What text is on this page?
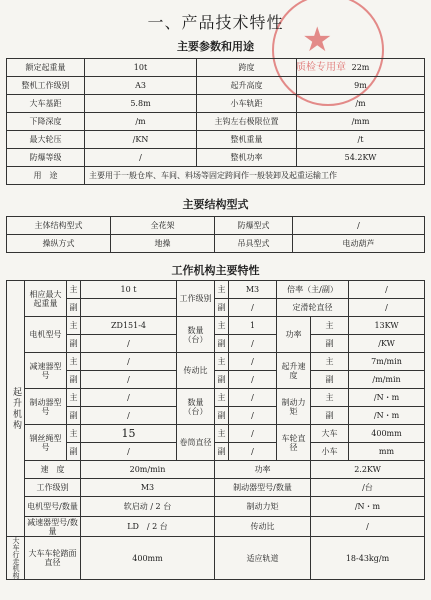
★
质检专用章
一、产品技术特性
主要参数和用途
额定起重量	10t	跨度	22m
整机工作级别	A3	起升高度	9m
大车基距	5.8m	小车轨距	/m
下降深度	/m	主钩左右极限位置	/mm
最大轮压	/KN	整机重量	/t
防爆等级	/	整机功率	54.2KW
用　途	主要用于一般仓库、车间、料场等固定跨间作一般装卸及起重运输工作		
主要结构型式
主体结构型式	全花架	防爆型式	/
操纵方式	地操	吊具型式	电动葫芦
工作机构主要特性
起升机构	相应最大起重量	主	10 t	工作级别	主	M3	倍率（主/副）		/
		副			副	/	定滑轮直径		/
	电机型号	主	ZD151-4	数量（台）	主	1	功率	主	13KW
		副	/		副	/		副	/KW
	减速器型号	主	/	传动比	主	/	起升速度	主	7m/min
		副	/		副	/		副	/m/min
	制动器型号	主	/	数量（台）	主	/	制动力矩	主	/N・m
		副	/		副	/		副	/N・m
	钢丝绳型号	主	15	卷筒直径	主	/	车轮直径	大车	400mm
		副	/		副	/		小车	mm
	速　度		20m/min		功率			2.2KW	
	工作级别		M3		制动器型号/数量			/台	
	电机型号/数量		软启动 / 2 台		制动力矩			/N・m	
	减速器型号/数量		LD　/ 2 台		传动比			/	
大车行走机构	大车车轮踏面直径		400mm		适应轨道			18-43kg/m	
